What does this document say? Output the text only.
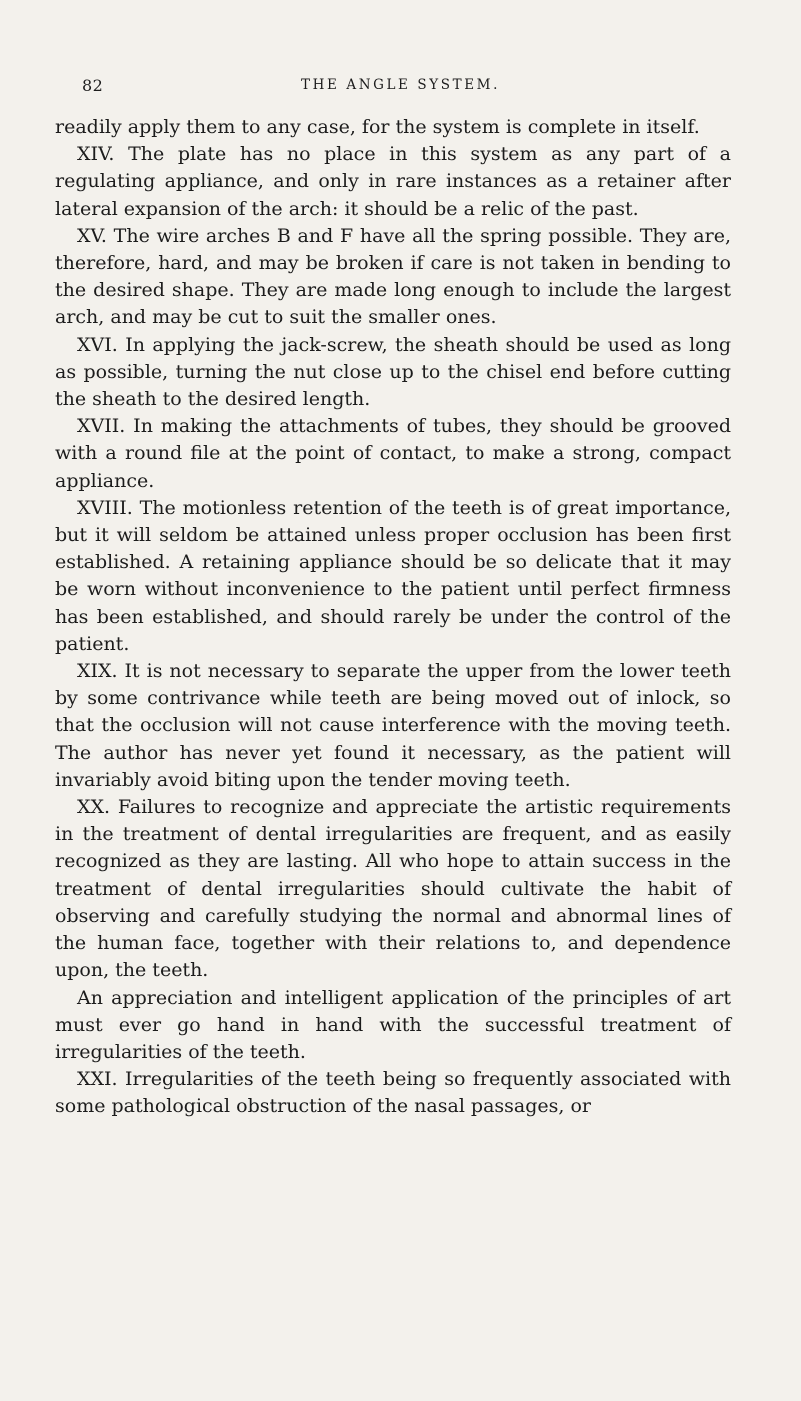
82	THE ANGLE SYSTEM.

readily apply them to any case, for the system is complete in itself.

XIV. The plate has no place in this system as any part of a regulating appliance, and only in rare instances as a retainer after lateral expansion of the arch: it should be a relic of the past.

XV. The wire arches B and F have all the spring possible. They are, therefore, hard, and may be broken if care is not taken in bending to the desired shape. They are made long enough to include the largest arch, and may be cut to suit the smaller ones.

XVI. In applying the jack-screw, the sheath should be used as long as possible, turning the nut close up to the chisel end before cutting the sheath to the desired length.

XVII. In making the attachments of tubes, they should be grooved with a round file at the point of contact, to make a strong, compact appliance.

XVIII. The motionless retention of the teeth is of great importance, but it will seldom be attained unless proper occlusion has been first established. A retaining appliance should be so delicate that it may be worn without inconvenience to the patient until perfect firmness has been established, and should rarely be under the control of the patient.

XIX. It is not necessary to separate the upper from the lower teeth by some contrivance while teeth are being moved out of inlock, so that the occlusion will not cause interference with the moving teeth. The author has never yet found it necessary, as the patient will invariably avoid biting upon the tender moving teeth.

XX. Failures to recognize and appreciate the artistic requirements in the treatment of dental irregularities are frequent, and as easily recognized as they are lasting. All who hope to attain success in the treatment of dental irregularities should cultivate the habit of observing and carefully studying the normal and abnormal lines of the human face, together with their relations to, and dependence upon, the teeth.

An appreciation and intelligent application of the principles of art must ever go hand in hand with the successful treatment of irregularities of the teeth.

XXI. Irregularities of the teeth being so frequently associated with some pathological obstruction of the nasal passages, or
